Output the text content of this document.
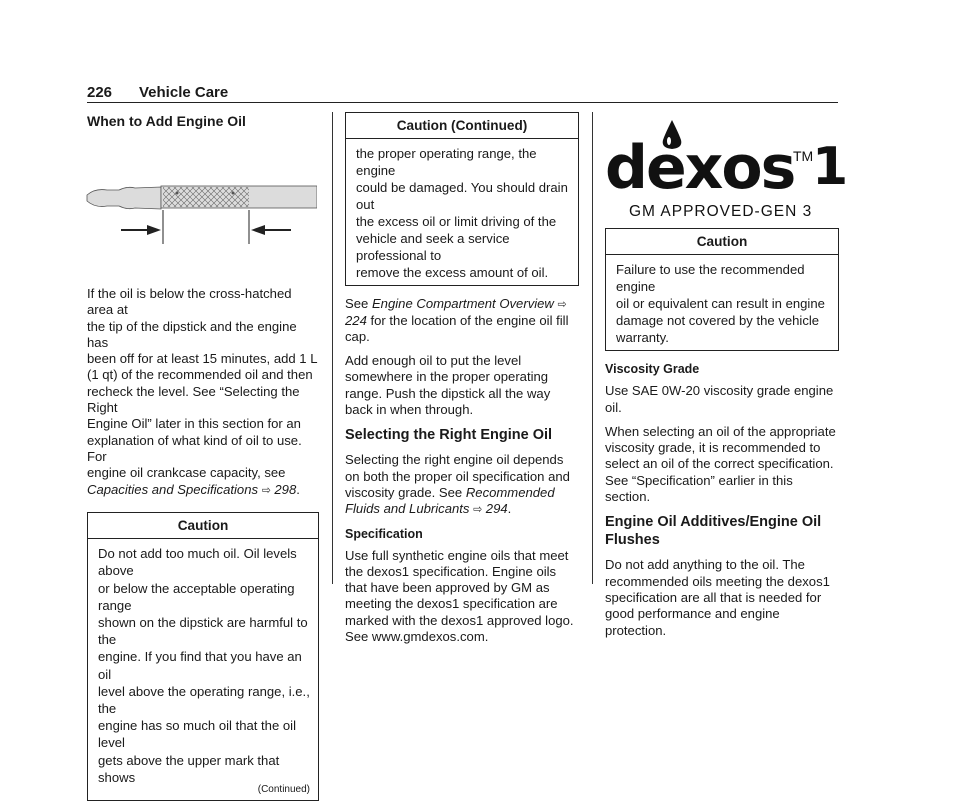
226 Vehicle Care
When to Add Engine Oil

If the oil is below the cross-hatched area at
the tip of the dipstick and the engine has
been off for at least 15 minutes, add 1 L
(1 qt) of the recommended oil and then
recheck the level. See “Selecting the Right
Engine Oil” later in this section for an
explanation of what kind of oil to use. For
engine oil crankcase capacity, see Capacities and Specifications ⇨ 298.

Caution
Do not add too much oil. Oil levels above
or below the acceptable operating range
shown on the dipstick are harmful to the
engine. If you find that you have an oil
level above the operating range, i.e., the
engine has so much oil that the oil level
gets above the upper mark that shows
(Continued)
Caution (Continued)
the proper operating range, the engine
could be damaged. You should drain out
the excess oil or limit driving of the
vehicle and seek a service professional to
remove the excess amount of oil.

See Engine Compartment Overview ⇨ 224 for the location of the engine oil fill cap.

Add enough oil to put the level somewhere in the proper operating range. Push the dipstick all the way back in when through.

Selecting the Right Engine Oil

Selecting the right engine oil depends on both the proper oil specification and viscosity grade. See Recommended Fluids and Lubricants ⇨ 294.

Specification

Use full synthetic engine oils that meet the dexos1 specification. Engine oils that have been approved by GM as meeting the dexos1 specification are marked with the dexos1 approved logo. See www.gmdexos.com.

dexos
TM
1
GM APPROVED-GEN 3
Caution
Failure to use the recommended engine
oil or equivalent can result in engine
damage not covered by the vehicle
warranty.
Viscosity Grade

Use SAE 0W-20 viscosity grade engine oil.

When selecting an oil of the appropriate viscosity grade, it is recommended to select an oil of the correct specification. See “Specification” earlier in this section.

Engine Oil Additives/Engine Oil Flushes

Do not add anything to the oil. The recommended oils meeting the dexos1 specification are all that is needed for good performance and engine protection.
